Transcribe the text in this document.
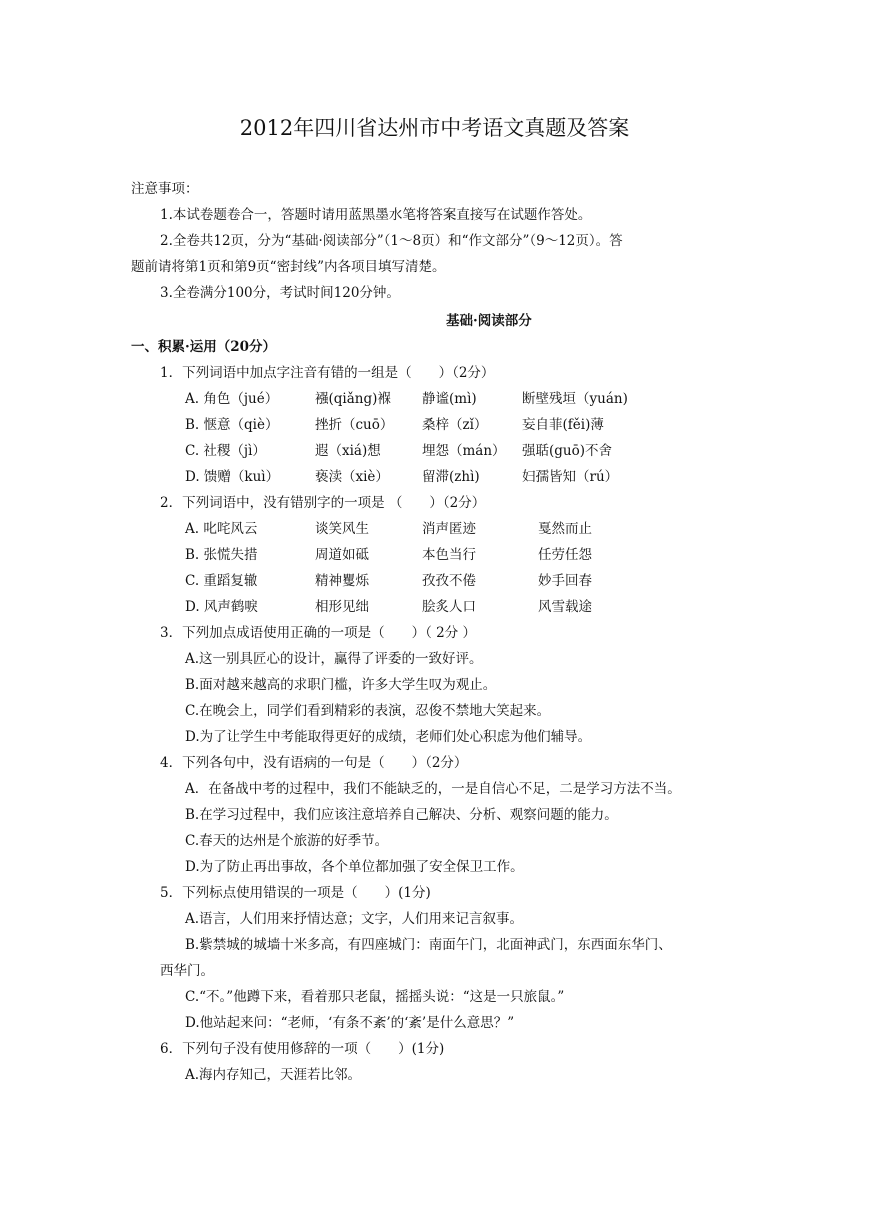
2012年四川省达州市中考语文真题及答案
注意事项：
1.本试卷题卷合一，答题时请用蓝黑墨水笔将答案直接写在试题作答处。
2.全卷共12页，分为“基础·阅读部分”（1～8页）和“作文部分”（9～12页）。答
题前请将第1页和第9页“密封线”内各项目填写清楚。
3.全卷满分100分，考试时间120分钟。
基础·阅读部分
一、积累·运用（20分）
1．下列词语中加点字注音有错的一组是（　　）（2分）
A. 角色（jué）	襁(qiǎng)褓 静谧(mì)	断壁残垣（yuán)
B. 惬意（qiè）	挫折（cuō） 桑梓（zǐ）	妄自菲(fěi)薄
C. 社稷（jì）	遐（xiá)想	埋怨（mán） 强聒(guō)不舍
D. 馈赠（kuì）	亵渎（xiè） 留滞(zhì)	妇孺皆知（rú）
2．下列词语中，没有错别字的一项是 （　　）（2分）
A. 叱咤风云	谈笑风生	消声匿迹	戛然而止
B. 张慌失措	周道如砥	本色当行	任劳任怨
C. 重蹈复辙	精神矍烁	孜孜不倦	妙手回春
D. 风声鹤唳	相形见绌	脍炙人口	风雪载途
3．下列加点成语使用正确的一项是（　　）（ 2分 ）
A.这一别具匠心的设计，赢得了评委的一致好评。
B.面对越来越高的求职门槛，许多大学生叹为观止。
C.在晚会上，同学们看到精彩的表演，忍俊不禁地大笑起来。
D.为了让学生中考能取得更好的成绩，老师们处心积虑为他们辅导。
4．下列各句中，没有语病的一句是（　　）（2分）
A．在备战中考的过程中，我们不能缺乏的，一是自信心不足，二是学习方法不当。
B.在学习过程中，我们应该注意培养自己解决、分析、观察问题的能力。
C.春天的达州是个旅游的好季节。
D.为了防止再出事故，各个单位都加强了安全保卫工作。
5．下列标点使用错误的一项是（　　）(1分)
A.语言，人们用来抒情达意；文字，人们用来记言叙事。
B.紫禁城的城墙十米多高，有四座城门：南面午门，北面神武门，东西面东华门、
西华门。
C.“不。”他蹲下来，看着那只老鼠，摇摇头说：“这是一只旅鼠。”
D.他站起来问：“老师，‘有条不紊’的‘紊’是什么意思？”
6．下列句子没有使用修辞的一项（　　）(1分)
A.海内存知己，天涯若比邻。
